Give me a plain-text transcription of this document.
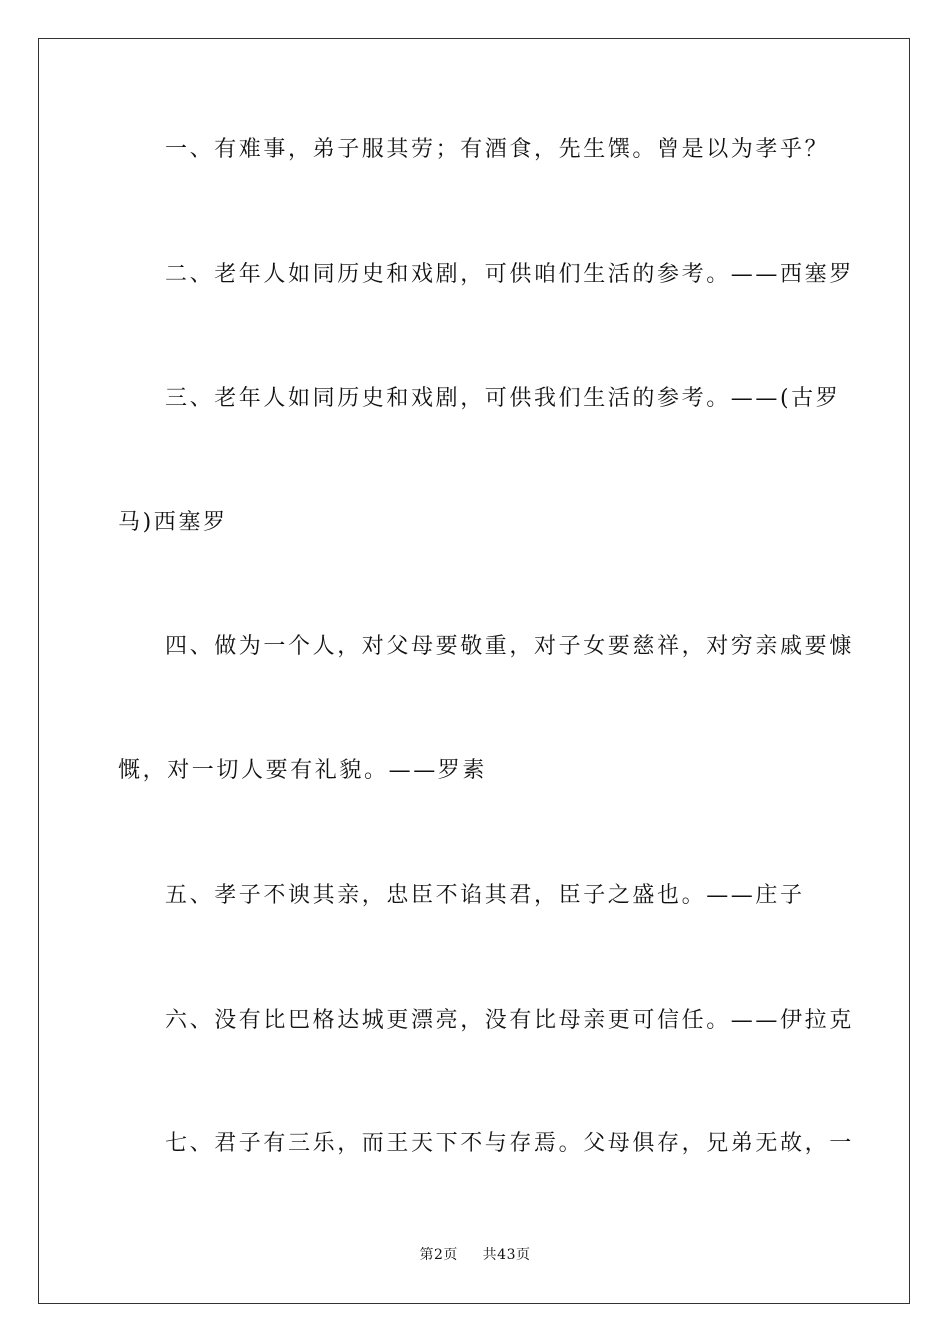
一、有难事，弟子服其劳；有酒食，先生馔。曾是以为孝乎？
二、老年人如同历史和戏剧，可供咱们生活的参考。——西塞罗
三、老年人如同历史和戏剧，可供我们生活的参考。——(古罗
马)西塞罗
四、做为一个人，对父母要敬重，对子女要慈祥，对穷亲戚要慷
慨，对一切人要有礼貌。——罗素
五、孝子不谀其亲，忠臣不谄其君，臣子之盛也。——庄子
六、没有比巴格达城更漂亮，没有比母亲更可信任。——伊拉克
七、君子有三乐，而王天下不与存焉。父母俱存，兄弟无故，一
第2页 共43页
